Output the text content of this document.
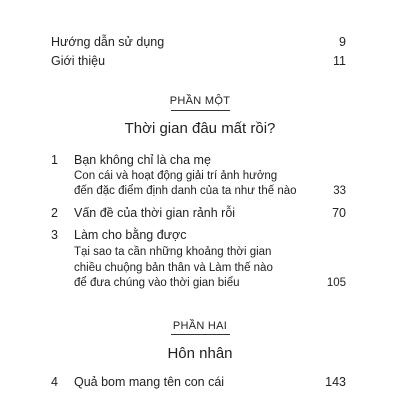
Hướng dẫn sử dụng	9
Giới thiệu	11
PHẦN MỘT
Thời gian đâu mất rồi?
1 Bạn không chỉ là cha mẹ
Con cái và hoạt động giải trí ảnh hưởng
đến đặc điểm định danh của ta như thế nào	33
2 Vấn đề của thời gian rảnh rỗi	70
3 Làm cho bằng được
Tại sao ta cần những khoảng thời gian
chiều chuộng bản thân và Làm thế nào
để đưa chúng vào thời gian biểu	105
PHẦN HAI
Hôn nhân
4 Quả bom mang tên con cái	143
